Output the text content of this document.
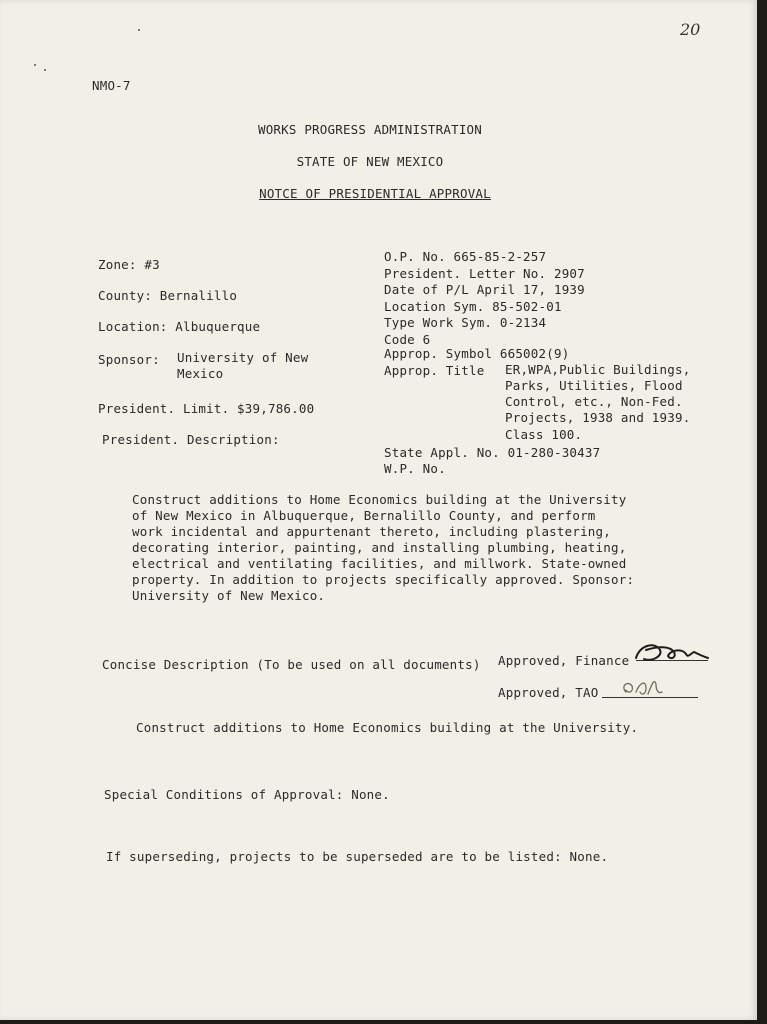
20
NMO-7
WORKS PROGRESS ADMINISTRATION
STATE OF NEW MEXICO
NOTCE OF PRESIDENTIAL APPROVAL
Zone: #3
County: Bernalillo
Location: Albuquerque
Sponsor: University of New
Mexico
President. Limit. $39,786.00
President. Description:
O.P. No. 665-85-2-257
President. Letter No. 2907
Date of P/L April 17, 1939
Location Sym. 85-502-01
Type Work Sym. 0-2134
Code 6
Approp. Symbol 665002(9)
Approp. Title ER,WPA,Public Buildings,
Parks, Utilities, Flood
Control, etc., Non-Fed.
Projects, 1938 and 1939.
Class 100.
State Appl. No. 01-280-30437
W.P. No.
Construct additions to Home Economics building at the University
of New Mexico in Albuquerque, Bernalillo County, and perform
work incidental and appurtenant thereto, including plastering,
decorating interior, painting, and installing plumbing, heating,
electrical and ventilating facilities, and millwork. State-owned
property. In addition to projects specifically approved. Sponsor:
University of New Mexico.
Concise Description (To be used on all documents) Approved, Finance
Approved, TAO
Construct additions to Home Economics building at the University.
Special Conditions of Approval: None.
If superseding, projects to be superseded are to be listed: None.
